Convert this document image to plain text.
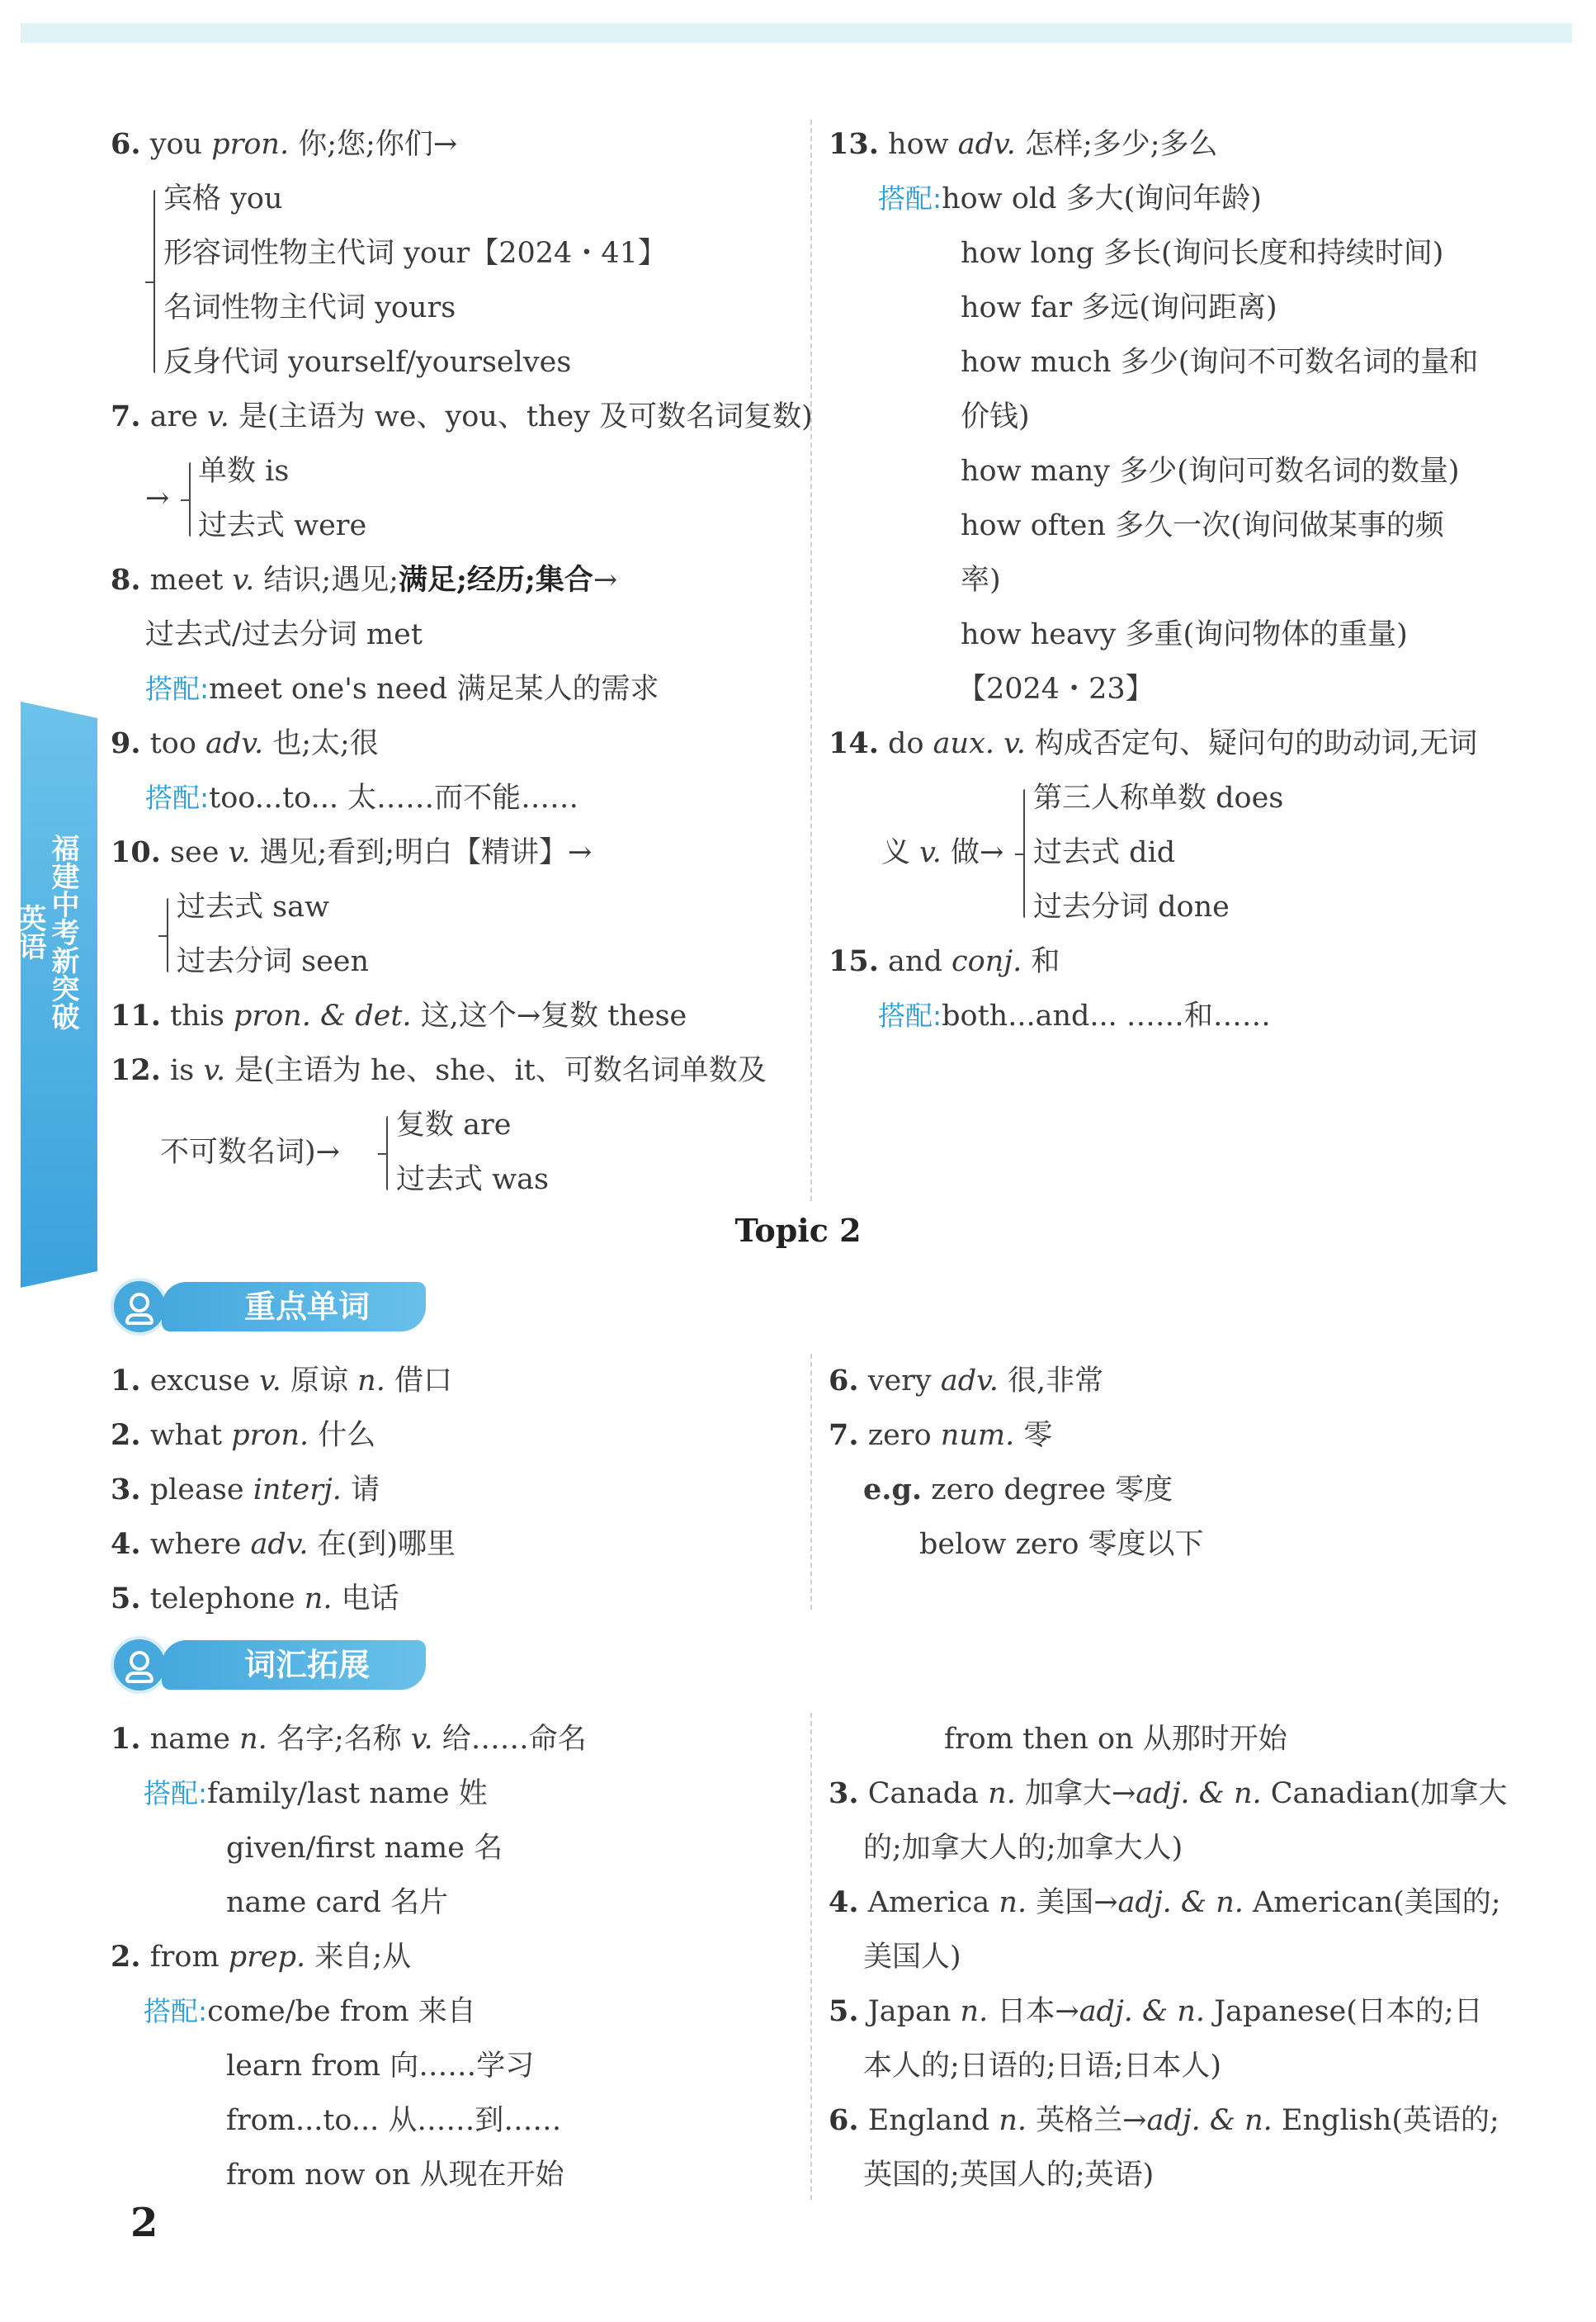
福建中考新突破
英语
6. you pron. 你;您;你们→
宾格 you
形容词性物主代词 your【2024・41】
名词性物主代词 yours
反身代词 yourself/yourselves
7. are v. 是(主语为 we、you、they 及可数名词复数)
→
单数 is
过去式 were
8. meet v. 结识;遇见;满足;经历;集合→
过去式/过去分词 met
搭配:meet one's need 满足某人的需求
9. too adv. 也;太;很
搭配:too...to... 太……而不能……
10. see v. 遇见;看到;明白【精讲】→
过去式 saw
过去分词 seen
11. this pron. & det. 这,这个→复数 these
12. is v. 是(主语为 he、she、it、可数名词单数及
不可数名词)→
复数 are
过去式 was
13. how adv. 怎样;多少;多么
搭配:how old 多大(询问年龄)
how long 多长(询问长度和持续时间)
how far 多远(询问距离)
how much 多少(询问不可数名词的量和
价钱)
how many 多少(询问可数名词的数量)
how often 多久一次(询问做某事的频
率)
how heavy 多重(询问物体的重量)
【2024・23】
14. do aux. v. 构成否定句、疑问句的助动词,无词
义 v. 做→
第三人称单数 does
过去式 did
过去分词 done
15. and conj. 和
搭配:both...and... ……和……
Topic 2
重点单词
1. excuse v. 原谅 n. 借口
2. what pron. 什么
3. please interj. 请
4. where adv. 在(到)哪里
5. telephone n. 电话
6. very adv. 很,非常
7. zero num. 零
e.g. zero degree 零度
below zero 零度以下
词汇拓展
1. name n. 名字;名称 v. 给……命名
搭配:family/last name 姓
given/first name 名
name card 名片
2. from prep. 来自;从
搭配:come/be from 来自
learn from 向……学习
from...to... 从……到……
from now on 从现在开始
from then on 从那时开始
3. Canada n. 加拿大→adj. & n. Canadian(加拿大
的;加拿大人的;加拿大人)
4. America n. 美国→adj. & n. American(美国的;
美国人)
5. Japan n. 日本→adj. & n. Japanese(日本的;日
本人的;日语的;日语;日本人)
6. England n. 英格兰→adj. & n. English(英语的;
英国的;英国人的;英语)
2
